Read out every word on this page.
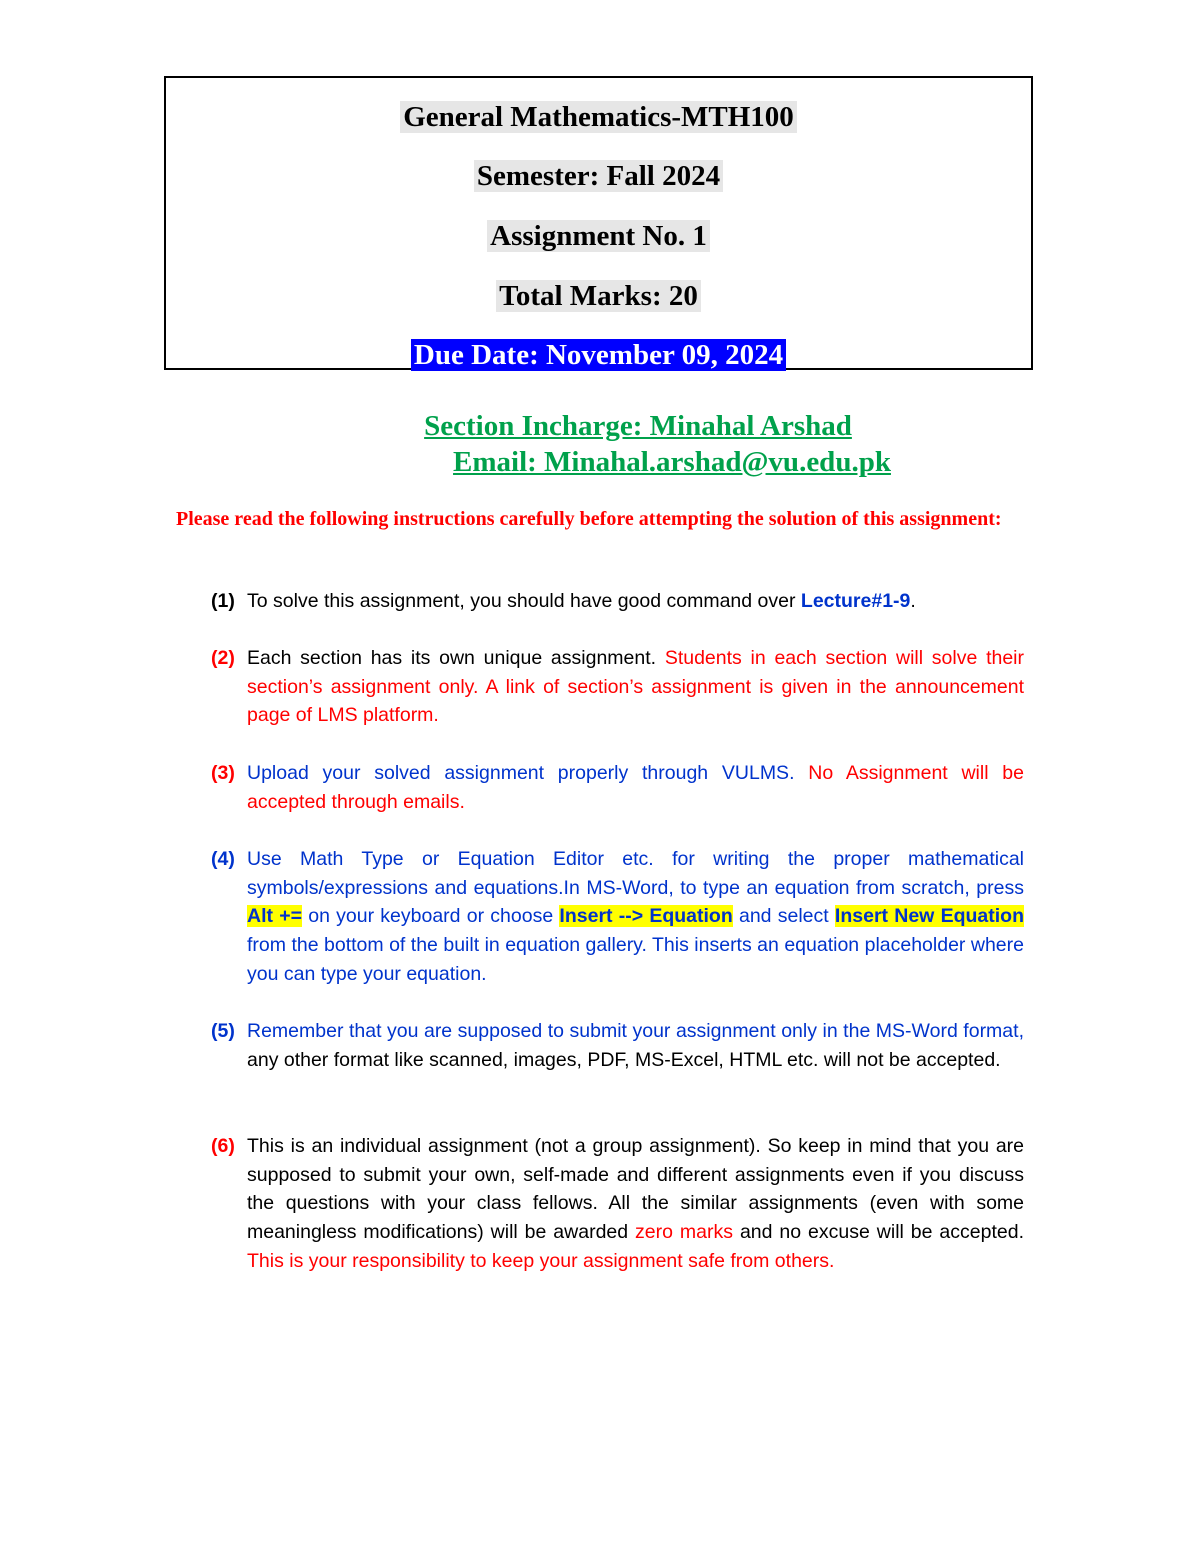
General Mathematics-MTH100
Semester: Fall 2024
Assignment No. 1
Total Marks: 20
Due Date: November 09, 2024
Section Incharge: Minahal Arshad
Email: Minahal.arshad@vu.edu.pk
Please read the following instructions carefully before attempting the solution of this assignment:
(1) To solve this assignment, you should have good command over Lecture#1-9.
(2) Each section has its own unique assignment. Students in each section will solve their section’s assignment only. A link of section’s assignment is given in the announcement page of LMS platform.
(3) Upload your solved assignment properly through VULMS. No Assignment will be accepted through emails.
(4) Use Math Type or Equation Editor etc. for writing the proper mathematical symbols/expressions and equations.In MS-Word, to type an equation from scratch, press Alt += on your keyboard or choose Insert --> Equation and select Insert New Equation from the bottom of the built in equation gallery. This inserts an equation placeholder where you can type your equation.
(5) Remember that you are supposed to submit your assignment only in the MS-Word format, any other format like scanned, images, PDF, MS-Excel, HTML etc. will not be accepted.
(6) This is an individual assignment (not a group assignment). So keep in mind that you are supposed to submit your own, self-made and different assignments even if you discuss the questions with your class fellows. All the similar assignments (even with some meaningless modifications) will be awarded zero marks and no excuse will be accepted. This is your responsibility to keep your assignment safe from others.
